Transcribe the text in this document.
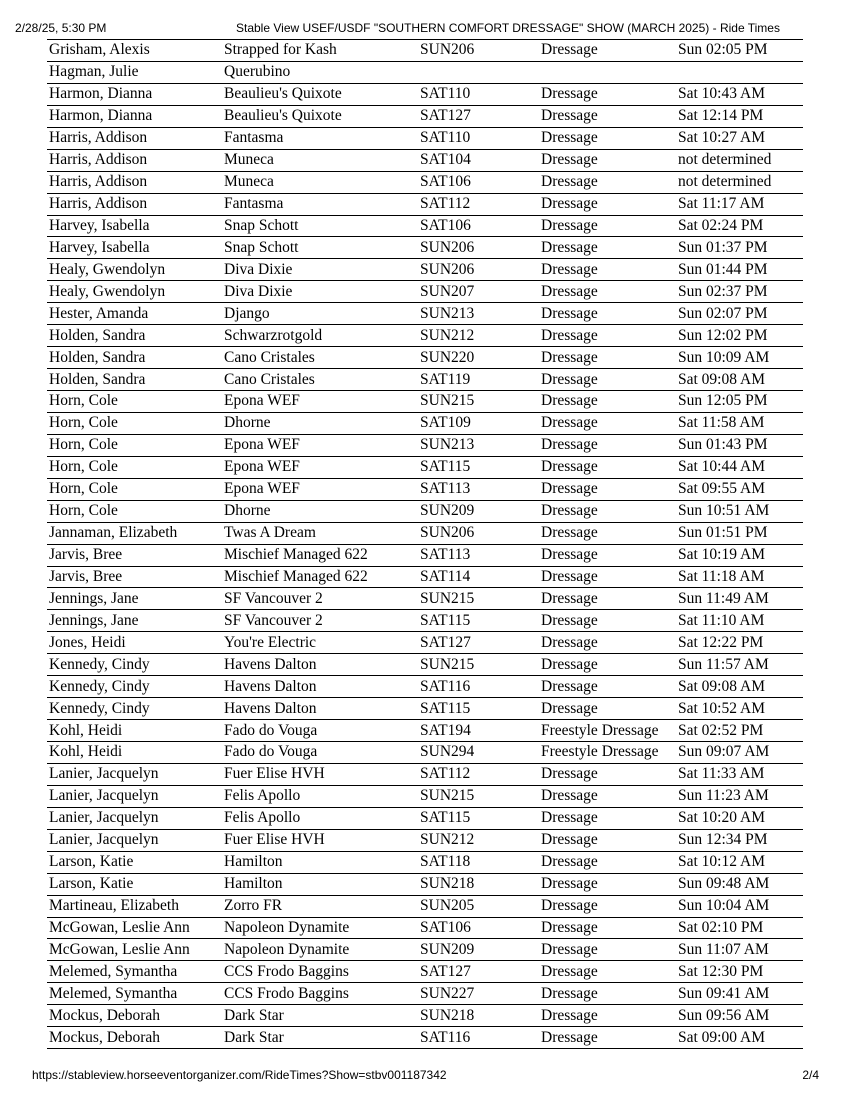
2/28/25, 5:30 PM	Stable View USEF/USDF "SOUTHERN COMFORT DRESSAGE" SHOW (MARCH 2025) - Ride Times
Grisham, Alexis	Strapped for Kash	SUN206	Dressage	Sun 02:05 PM
Hagman, Julie	Querubino			
Harmon, Dianna	Beaulieu's Quixote	SAT110	Dressage	Sat 10:43 AM
Harmon, Dianna	Beaulieu's Quixote	SAT127	Dressage	Sat 12:14 PM
Harris, Addison	Fantasma	SAT110	Dressage	Sat 10:27 AM
Harris, Addison	Muneca	SAT104	Dressage	not determined
Harris, Addison	Muneca	SAT106	Dressage	not determined
Harris, Addison	Fantasma	SAT112	Dressage	Sat 11:17 AM
Harvey, Isabella	Snap Schott	SAT106	Dressage	Sat 02:24 PM
Harvey, Isabella	Snap Schott	SUN206	Dressage	Sun 01:37 PM
Healy, Gwendolyn	Diva Dixie	SUN206	Dressage	Sun 01:44 PM
Healy, Gwendolyn	Diva Dixie	SUN207	Dressage	Sun 02:37 PM
Hester, Amanda	Django	SUN213	Dressage	Sun 02:07 PM
Holden, Sandra	Schwarzrotgold	SUN212	Dressage	Sun 12:02 PM
Holden, Sandra	Cano Cristales	SUN220	Dressage	Sun 10:09 AM
Holden, Sandra	Cano Cristales	SAT119	Dressage	Sat 09:08 AM
Horn, Cole	Epona WEF	SUN215	Dressage	Sun 12:05 PM
Horn, Cole	Dhorne	SAT109	Dressage	Sat 11:58 AM
Horn, Cole	Epona WEF	SUN213	Dressage	Sun 01:43 PM
Horn, Cole	Epona WEF	SAT115	Dressage	Sat 10:44 AM
Horn, Cole	Epona WEF	SAT113	Dressage	Sat 09:55 AM
Horn, Cole	Dhorne	SUN209	Dressage	Sun 10:51 AM
Jannaman, Elizabeth	Twas A Dream	SUN206	Dressage	Sun 01:51 PM
Jarvis, Bree	Mischief Managed 622	SAT113	Dressage	Sat 10:19 AM
Jarvis, Bree	Mischief Managed 622	SAT114	Dressage	Sat 11:18 AM
Jennings, Jane	SF Vancouver 2	SUN215	Dressage	Sun 11:49 AM
Jennings, Jane	SF Vancouver 2	SAT115	Dressage	Sat 11:10 AM
Jones, Heidi	You're Electric	SAT127	Dressage	Sat 12:22 PM
Kennedy, Cindy	Havens Dalton	SUN215	Dressage	Sun 11:57 AM
Kennedy, Cindy	Havens Dalton	SAT116	Dressage	Sat 09:08 AM
Kennedy, Cindy	Havens Dalton	SAT115	Dressage	Sat 10:52 AM
Kohl, Heidi	Fado do Vouga	SAT194	Freestyle Dressage	Sat 02:52 PM
Kohl, Heidi	Fado do Vouga	SUN294	Freestyle Dressage	Sun 09:07 AM
Lanier, Jacquelyn	Fuer Elise HVH	SAT112	Dressage	Sat 11:33 AM
Lanier, Jacquelyn	Felis Apollo	SUN215	Dressage	Sun 11:23 AM
Lanier, Jacquelyn	Felis Apollo	SAT115	Dressage	Sat 10:20 AM
Lanier, Jacquelyn	Fuer Elise HVH	SUN212	Dressage	Sun 12:34 PM
Larson, Katie	Hamilton	SAT118	Dressage	Sat 10:12 AM
Larson, Katie	Hamilton	SUN218	Dressage	Sun 09:48 AM
Martineau, Elizabeth	Zorro FR	SUN205	Dressage	Sun 10:04 AM
McGowan, Leslie Ann	Napoleon Dynamite	SAT106	Dressage	Sat 02:10 PM
McGowan, Leslie Ann	Napoleon Dynamite	SUN209	Dressage	Sun 11:07 AM
Melemed, Symantha	CCS Frodo Baggins	SAT127	Dressage	Sat 12:30 PM
Melemed, Symantha	CCS Frodo Baggins	SUN227	Dressage	Sun 09:41 AM
Mockus, Deborah	Dark Star	SUN218	Dressage	Sun 09:56 AM
Mockus, Deborah	Dark Star	SAT116	Dressage	Sat 09:00 AM
https://stableview.horseeventorganizer.com/RideTimes?Show=stbv001187342	2/4
